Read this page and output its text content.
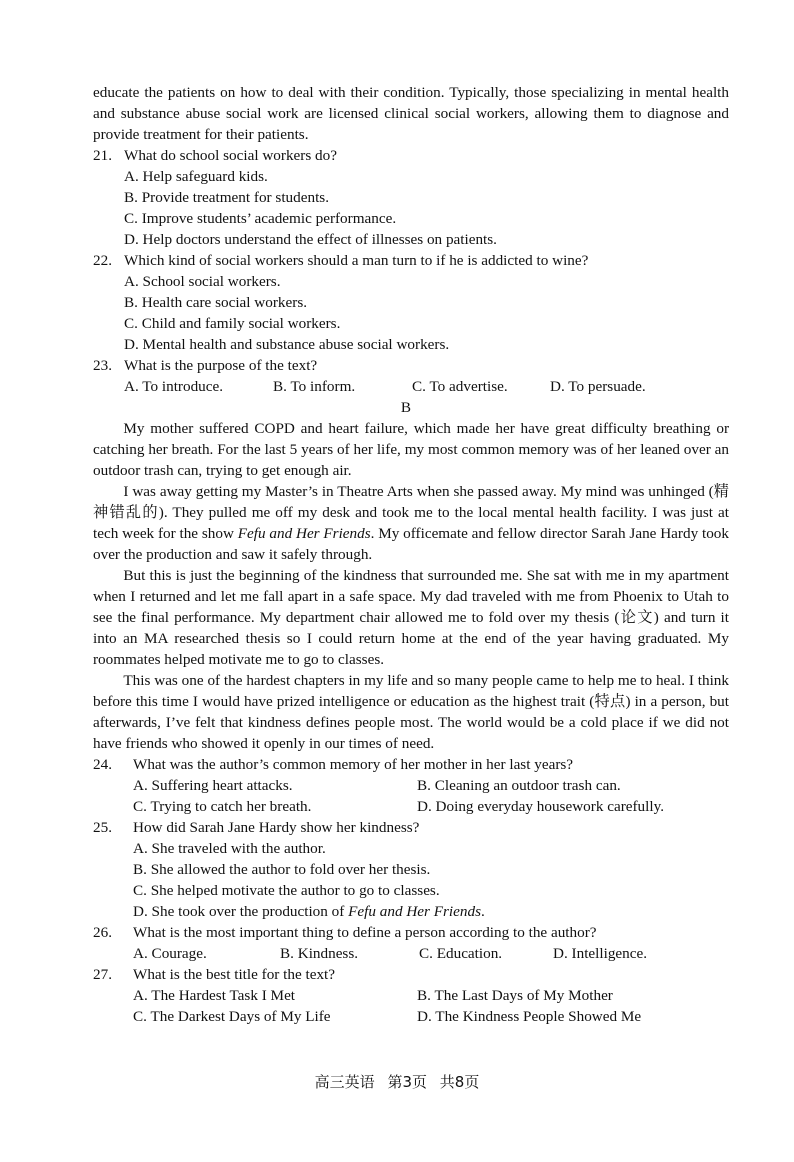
educate the patients on how to deal with their condition. Typically, those specializing in mental health and substance abuse social work are licensed clinical social workers, allowing them to diagnose and provide treatment for their patients.

21. What do school social workers do?

A. Help safeguard kids.

B. Provide treatment for students.

C. Improve students’ academic performance.

D. Help doctors understand the effect of illnesses on patients.

22. Which kind of social workers should a man turn to if he is addicted to wine?

A. School social workers.

B. Health care social workers.

C. Child and family social workers.

D. Mental health and substance abuse social workers.

23. What is the purpose of the text?

A. To introduce.	B. To inform.	C. To advertise.	D. To persuade.

B

My mother suffered COPD and heart failure, which made her have great difficulty breathing or catching her breath. For the last 5 years of her life, my most common memory was of her leaned over an outdoor trash can, trying to get enough air.

I was away getting my Master’s in Theatre Arts when she passed away. My mind was unhinged (精神错乱的). They pulled me off my desk and took me to the local mental health facility. I was just at tech week for the show Fefu and Her Friends. My officemate and fellow director Sarah Jane Hardy took over the production and saw it safely through.

But this is just the beginning of the kindness that surrounded me. She sat with me in my apartment when I returned and let me fall apart in a safe space. My dad traveled with me from Phoenix to Utah to see the final performance. My department chair allowed me to fold over my thesis (论文) and turn it into an MA researched thesis so I could return home at the end of the year having graduated. My roommates helped motivate me to go to classes.

This was one of the hardest chapters in my life and so many people came to help me to heal. I think before this time I would have prized intelligence or education as the highest trait (特点) in a person, but afterwards, I’ve felt that kindness defines people most. The world would be a cold place if we did not have friends who showed it openly in our times of need.

24. What was the author’s common memory of her mother in her last years?

A. Suffering heart attacks.	B. Cleaning an outdoor trash can.
C. Trying to catch her breath.	D. Doing everyday housework carefully.

25. How did Sarah Jane Hardy show her kindness?

A. She traveled with the author.

B. She allowed the author to fold over her thesis.

C. She helped motivate the author to go to classes.

D. She took over the production of Fefu and Her Friends.

26. What is the most important thing to define a person according to the author?

A. Courage.	B. Kindness.	C. Education.	D. Intelligence.

27. What is the best title for the text?

A. The Hardest Task I Met	B. The Last Days of My Mother
C. The Darkest Days of My Life	D. The Kindness People Showed Me
高三英语 第3页 共8页
